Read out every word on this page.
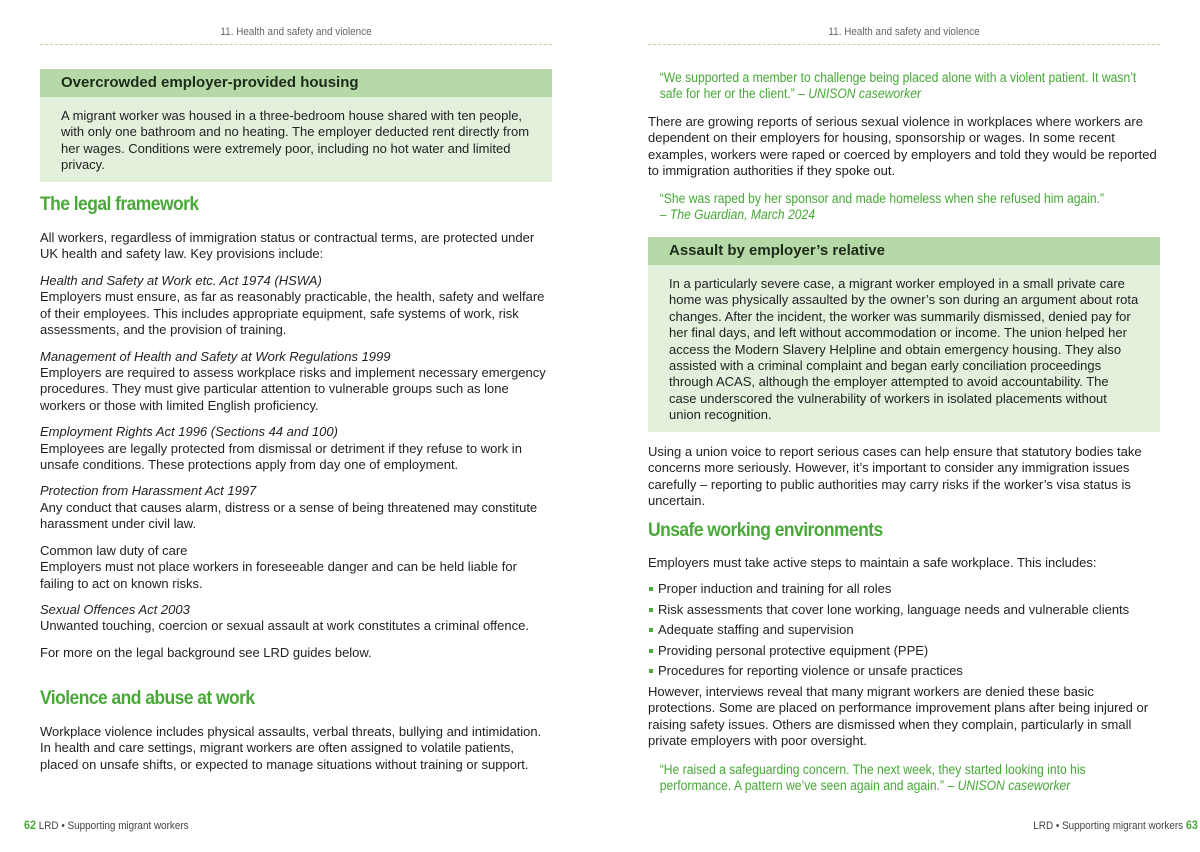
11. Health and safety and violence
Overcrowded employer-provided housing
A migrant worker was housed in a three-bedroom house shared with ten people, with only one bathroom and no heating. The employer deducted rent directly from her wages. Conditions were extremely poor, including no hot water and limited privacy.
The legal framework
All workers, regardless of immigration status or contractual terms, are protected under UK health and safety law. Key provisions include:
Health and Safety at Work etc. Act 1974 (HSWA)
Employers must ensure, as far as reasonably practicable, the health, safety and welfare of their employees. This includes appropriate equipment, safe systems of work, risk assessments, and the provision of training.
Management of Health and Safety at Work Regulations 1999
Employers are required to assess workplace risks and implement necessary emergency procedures. They must give particular attention to vulnerable groups such as lone workers or those with limited English proficiency.
Employment Rights Act 1996 (Sections 44 and 100)
Employees are legally protected from dismissal or detriment if they refuse to work in unsafe conditions. These protections apply from day one of employment.
Protection from Harassment Act 1997
Any conduct that causes alarm, distress or a sense of being threatened may constitute harassment under civil law.
Common law duty of care
Employers must not place workers in foreseeable danger and can be held liable for failing to act on known risks.
Sexual Offences Act 2003
Unwanted touching, coercion or sexual assault at work constitutes a criminal offence.
For more on the legal background see LRD guides below.
Violence and abuse at work
Workplace violence includes physical assaults, verbal threats, bullying and intimidation. In health and care settings, migrant workers are often assigned to volatile patients, placed on unsafe shifts, or expected to manage situations without training or support.
62 LRD • Supporting migrant workers
11. Health and safety and violence
“We supported a member to challenge being placed alone with a violent patient. It wasn’t safe for her or the client.” – UNISON caseworker
There are growing reports of serious sexual violence in workplaces where workers are dependent on their employers for housing, sponsorship or wages. In some recent examples, workers were raped or coerced by employers and told they would be reported to immigration authorities if they spoke out.
“She was raped by her sponsor and made homeless when she refused him again.”
– The Guardian, March 2024
Assault by employer’s relative
In a particularly severe case, a migrant worker employed in a small private care home was physically assaulted by the owner’s son during an argument about rota changes. After the incident, the worker was summarily dismissed, denied pay for her final days, and left without accommodation or income. The union helped her access the Modern Slavery Helpline and obtain emergency housing. They also assisted with a criminal complaint and began early conciliation proceedings through ACAS, although the employer attempted to avoid accountability. The case underscored the vulnerability of workers in isolated placements without union recognition.
Using a union voice to report serious cases can help ensure that statutory bodies take concerns more seriously. However, it’s important to consider any immigration issues carefully – reporting to public authorities may carry risks if the worker’s visa status is uncertain.
Unsafe working environments
Employers must take active steps to maintain a safe workplace. This includes:
Proper induction and training for all roles
Risk assessments that cover lone working, language needs and vulnerable clients
Adequate staffing and supervision
Providing personal protective equipment (PPE)
Procedures for reporting violence or unsafe practices
However, interviews reveal that many migrant workers are denied these basic protections. Some are placed on performance improvement plans after being injured or raising safety issues. Others are dismissed when they complain, particularly in small private employers with poor oversight.
“He raised a safeguarding concern. The next week, they started looking into his performance. A pattern we’ve seen again and again.” – UNISON caseworker
LRD • Supporting migrant workers 63
